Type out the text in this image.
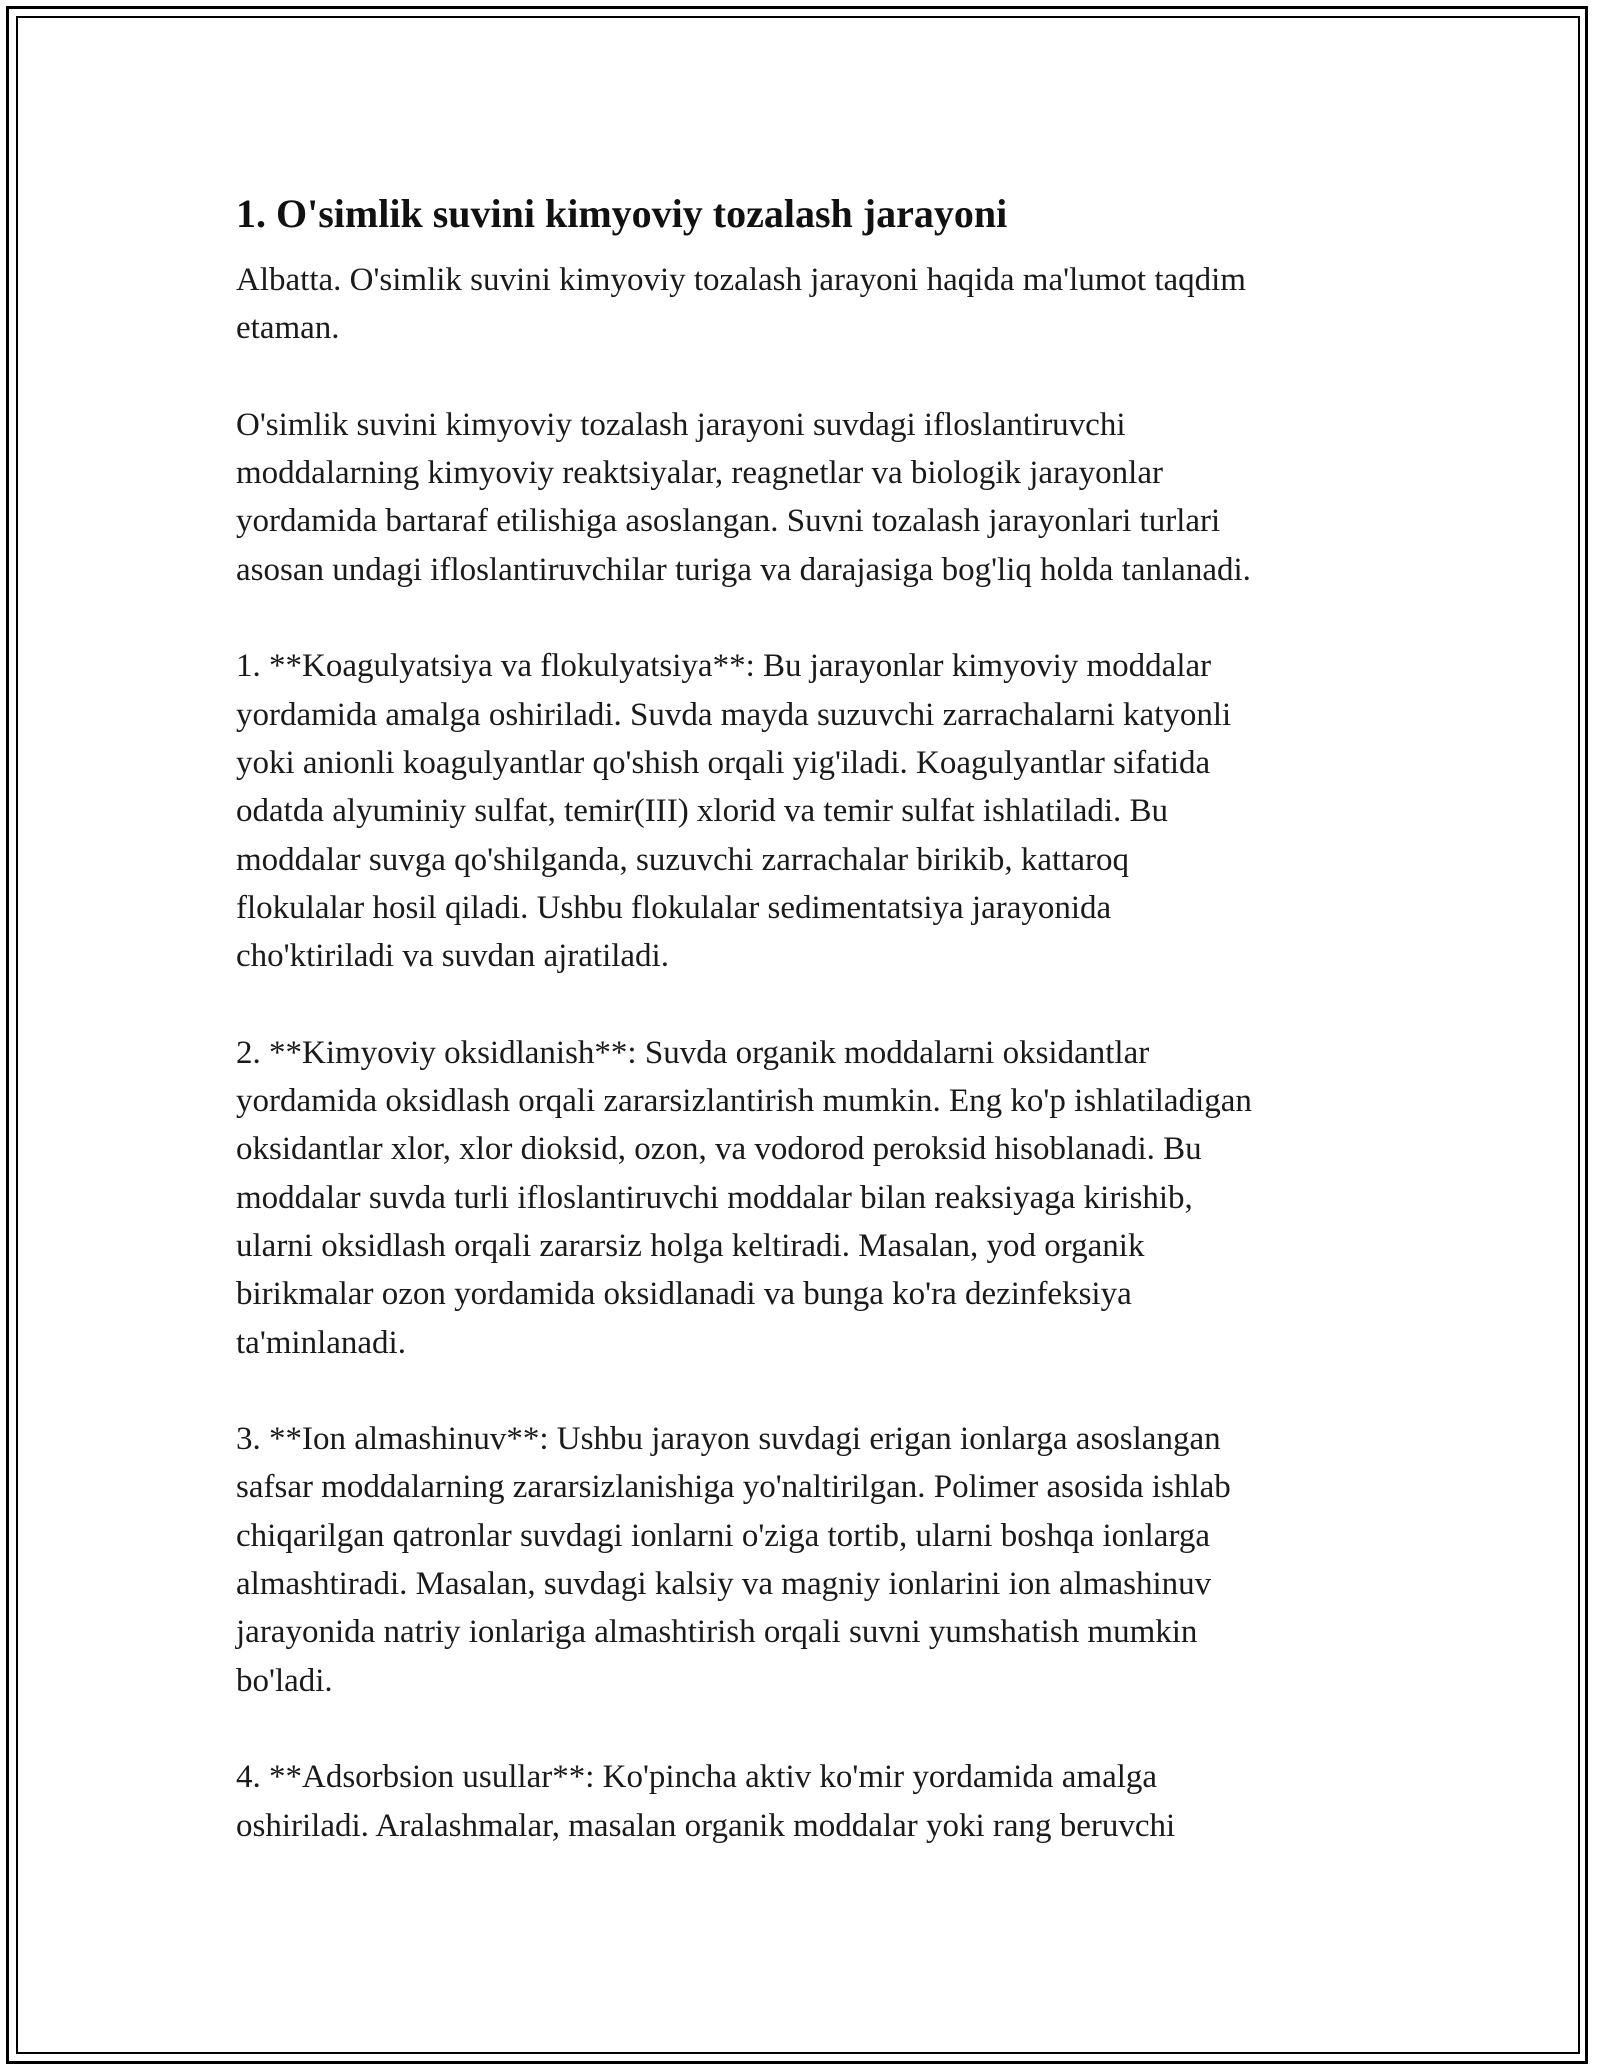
1. O'simlik suvini kimyoviy tozalash jarayoni

Albatta. O'simlik suvini kimyoviy tozalash jarayoni haqida ma'lumot taqdim
etaman.

O'simlik suvini kimyoviy tozalash jarayoni suvdagi ifloslantiruvchi
moddalarning kimyoviy reaktsiyalar, reagnetlar va biologik jarayonlar
yordamida bartaraf etilishiga asoslangan. Suvni tozalash jarayonlari turlari
asosan undagi ifloslantiruvchilar turiga va darajasiga bog'liq holda tanlanadi.

1. **Koagulyatsiya va flokulyatsiya**: Bu jarayonlar kimyoviy moddalar
yordamida amalga oshiriladi. Suvda mayda suzuvchi zarrachalarni katyonli
yoki anionli koagulyantlar qo'shish orqali yig'iladi. Koagulyantlar sifatida
odatda alyuminiy sulfat, temir(III) xlorid va temir sulfat ishlatiladi. Bu
moddalar suvga qo'shilganda, suzuvchi zarrachalar birikib, kattaroq
flokulalar hosil qiladi. Ushbu flokulalar sedimentatsiya jarayonida
cho'ktiriladi va suvdan ajratiladi.

2. **Kimyoviy oksidlanish**: Suvda organik moddalarni oksidantlar
yordamida oksidlash orqali zararsizlantirish mumkin. Eng ko'p ishlatiladigan
oksidantlar xlor, xlor dioksid, ozon, va vodorod peroksid hisoblanadi. Bu
moddalar suvda turli ifloslantiruvchi moddalar bilan reaksiyaga kirishib,
ularni oksidlash orqali zararsiz holga keltiradi. Masalan, yod organik
birikmalar ozon yordamida oksidlanadi va bunga ko'ra dezinfeksiya
ta'minlanadi.

3. **Ion almashinuv**: Ushbu jarayon suvdagi erigan ionlarga asoslangan
safsar moddalarning zararsizlanishiga yo'naltirilgan. Polimer asosida ishlab
chiqarilgan qatronlar suvdagi ionlarni o'ziga tortib, ularni boshqa ionlarga
almashtiradi. Masalan, suvdagi kalsiy va magniy ionlarini ion almashinuv
jarayonida natriy ionlariga almashtirish orqali suvni yumshatish mumkin
bo'ladi.

4. **Adsorbsion usullar**: Ko'pincha aktiv ko'mir yordamida amalga
oshiriladi. Aralashmalar, masalan organik moddalar yoki rang beruvchi
